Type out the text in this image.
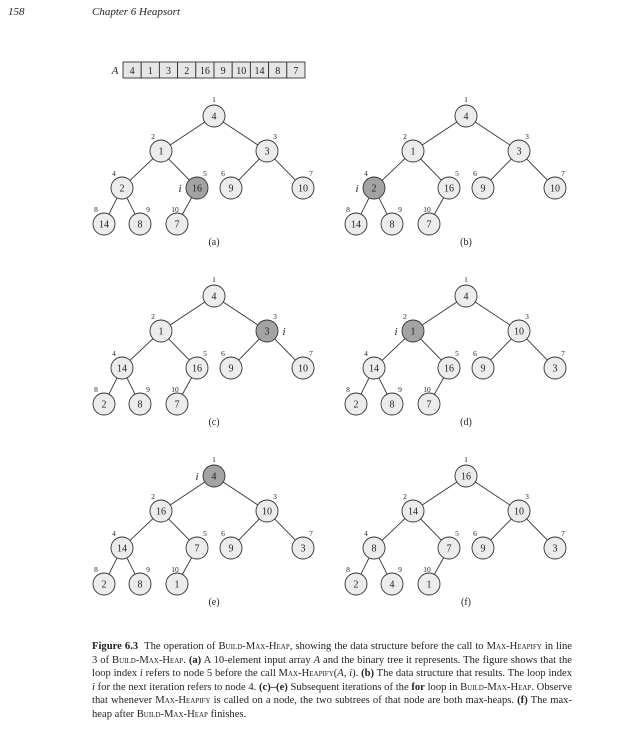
158	Chapter 6 Heapsort
A 4 1 3 2 16 9 10 14 8 7
4
1
1
2
3
3
2
4
16
5
9
6
10
7
14
8
8
9
7
10
i
(a)
4
1
1
2
3
3
2
4
16
5
9
6
10
7
14
8
8
9
7
10
i
(b)
4
1
1
2
3
3
14
4
16
5
9
6
10
7
2
8
8
9
7
10
i
(c)
4
1
1
2
10
3
14
4
16
5
9
6
3
7
2
8
8
9
7
10
i
(d)
4
1
16
2
10
3
14
4
7
5
9
6
3
7
2
8
8
9
1
10
i
(e)
16
1
14
2
10
3
8
4
7
5
9
6
3
7
2
8
4
9
1
10
(f)
Figure 6.3 The operation of Build-Max-Heap, showing the data structure before the call to Max-Heapify in line 3 of Build-Max-Heap. (a) A 10-element input array A and the binary tree it represents. The figure shows that the loop index i refers to node 5 before the call Max-Heapify(A, i). (b) The data structure that results. The loop index i for the next iteration refers to node 4. (c)–(e) Subsequent iterations of the for loop in Build-Max-Heap. Observe that whenever Max-Heapify is called on a node, the two subtrees of that node are both max-heaps. (f) The max-heap after Build-Max-Heap finishes.
